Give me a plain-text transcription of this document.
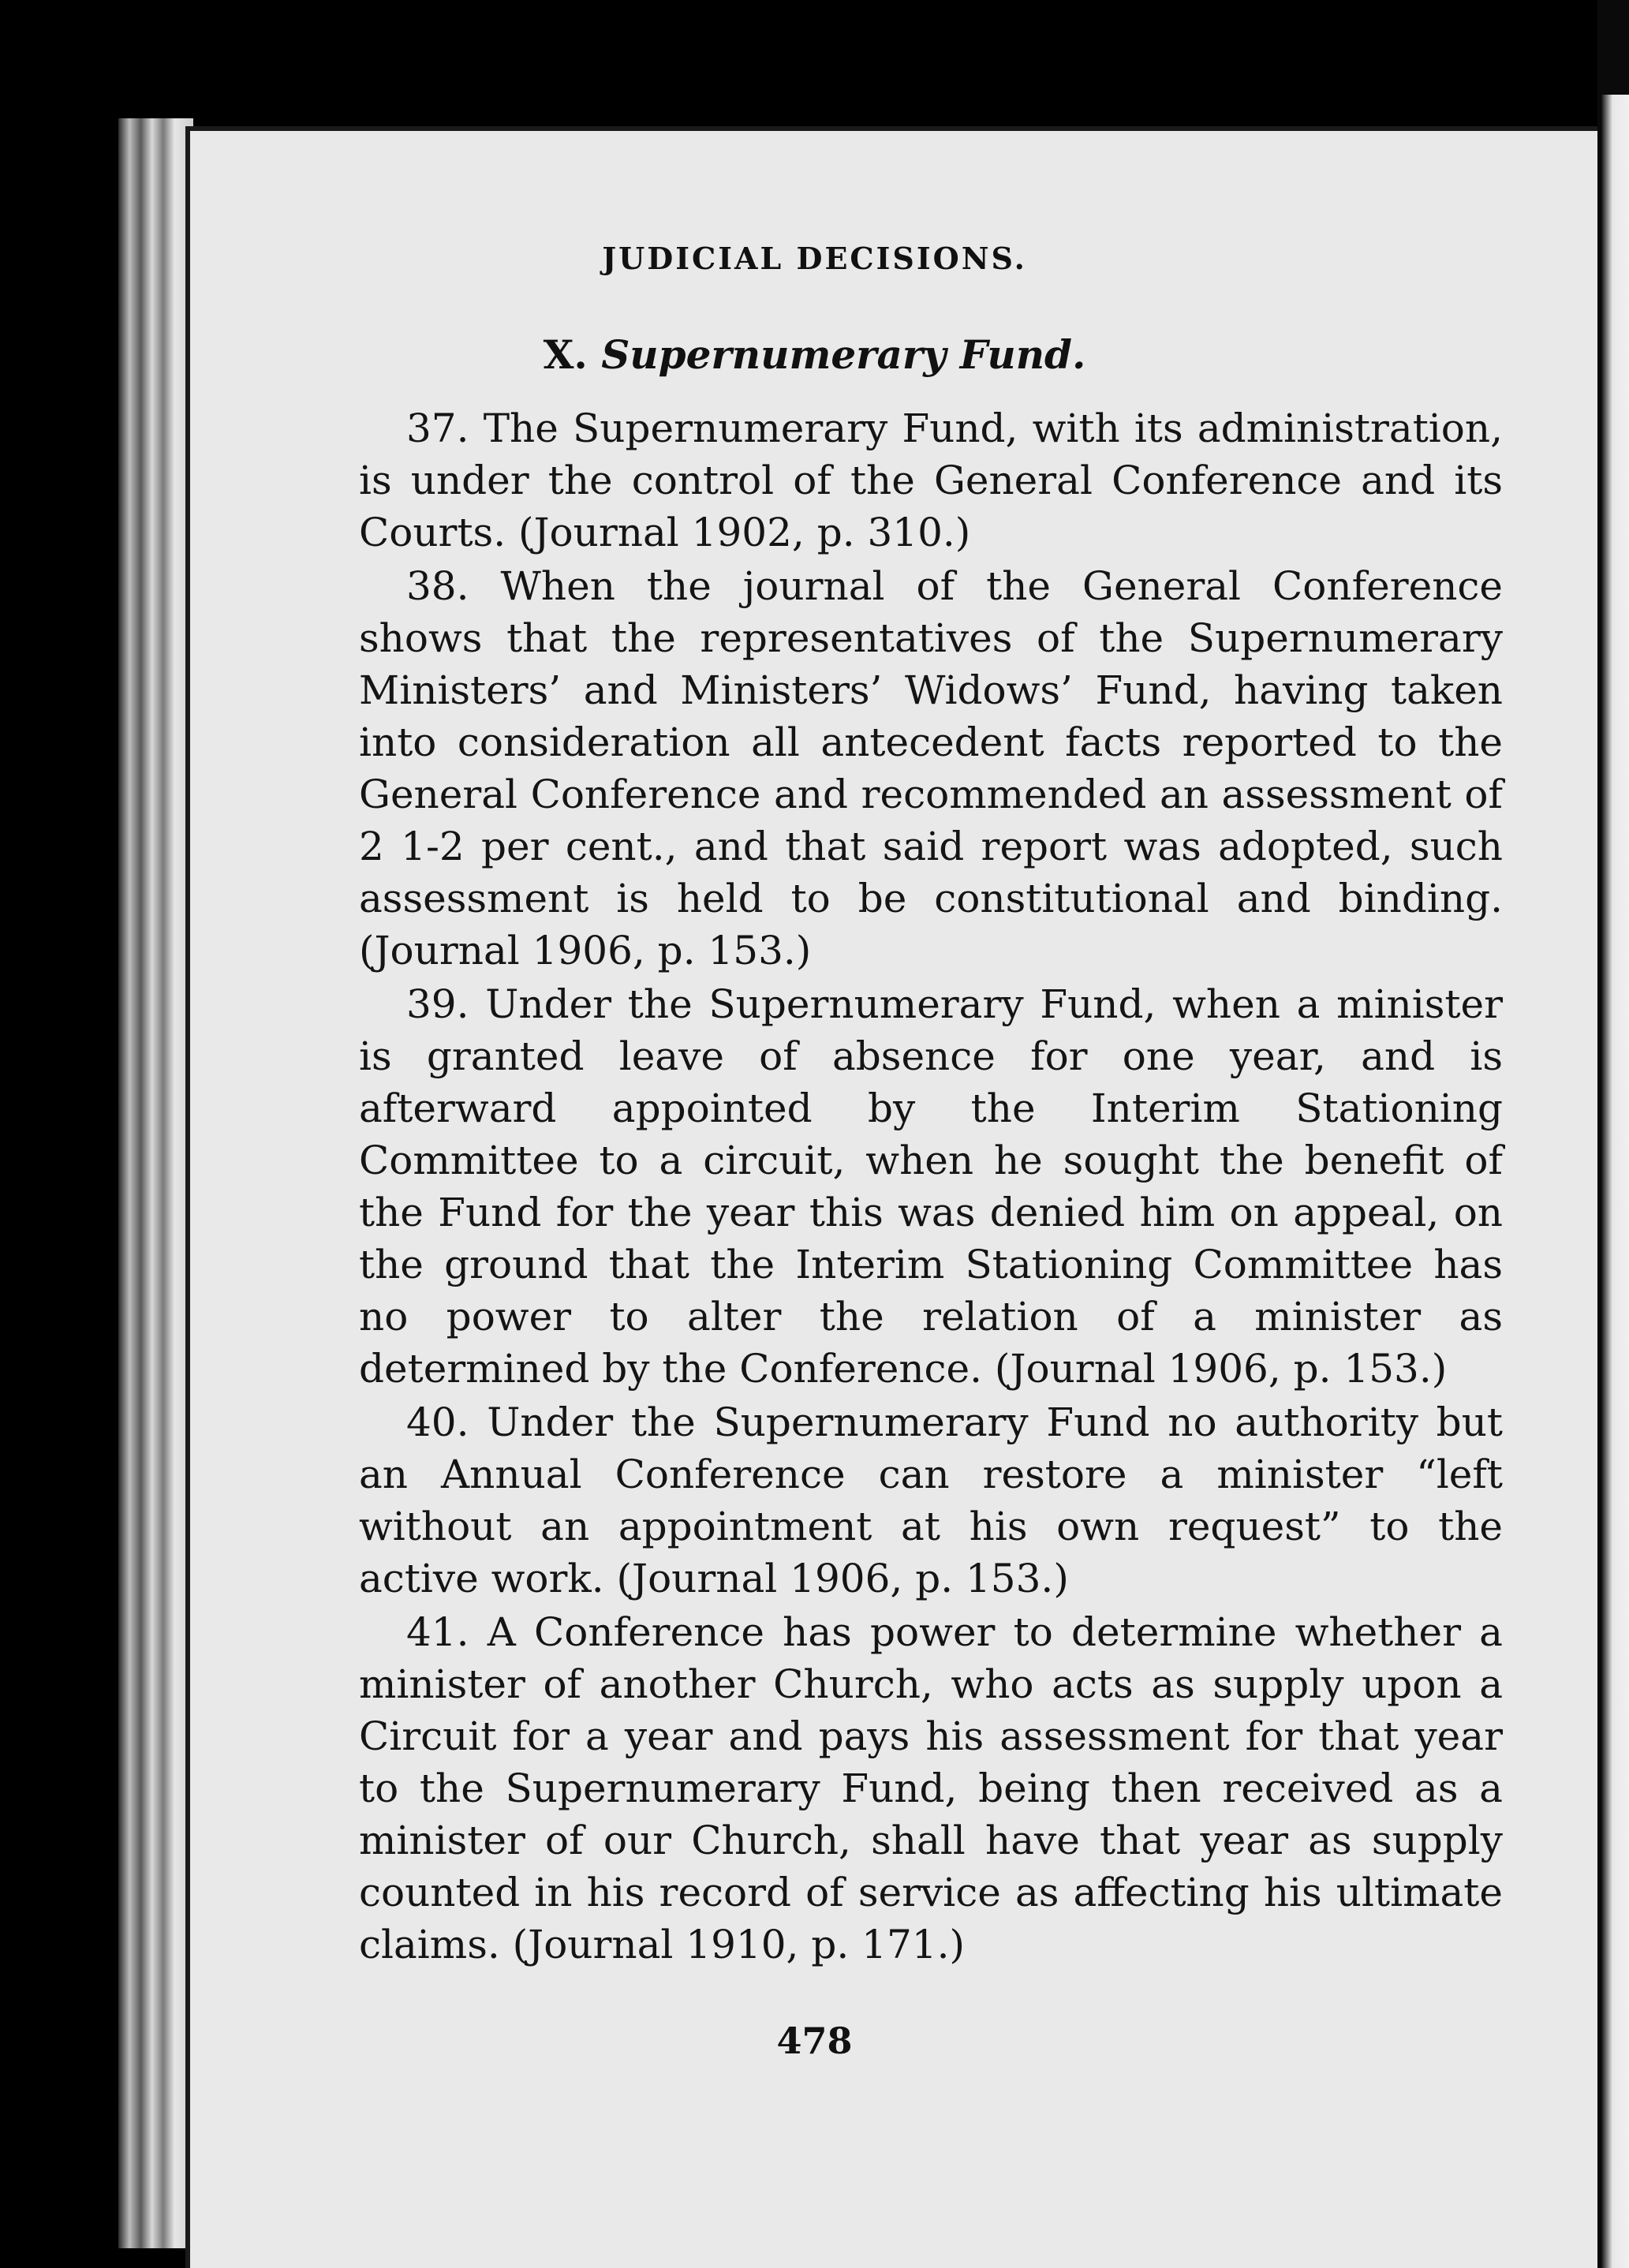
JUDICIAL DECISIONS.
X. Supernumerary Fund.

37. The Supernumerary Fund, with its administration, is under the control of the General Conference and its Courts. (Journal 1902, p. 310.)

38. When the journal of the General Conference shows that the representatives of the Supernumerary Ministers’ and Ministers’ Widows’ Fund, having taken into consideration all antecedent facts reported to the General Conference and recommended an assessment of 2 1-2 per cent., and that said report was adopted, such assessment is held to be constitutional and binding. (Journal 1906, p. 153.)

39. Under the Supernumerary Fund, when a minister is granted leave of absence for one year, and is afterward appointed by the Interim Stationing Committee to a circuit, when he sought the benefit of the Fund for the year this was denied him on appeal, on the ground that the Interim Stationing Committee has no power to alter the relation of a minister as determined by the Conference. (Journal 1906, p. 153.)

40. Under the Supernumerary Fund no authority but an Annual Conference can restore a minister “left without an appointment at his own request” to the active work. (Journal 1906, p. 153.)

41. A Conference has power to determine whether a minister of another Church, who acts as supply upon a Circuit for a year and pays his assessment for that year to the Supernumerary Fund, being then received as a minister of our Church, shall have that year as supply counted in his record of service as affecting his ultimate claims. (Journal 1910, p. 171.)

478
